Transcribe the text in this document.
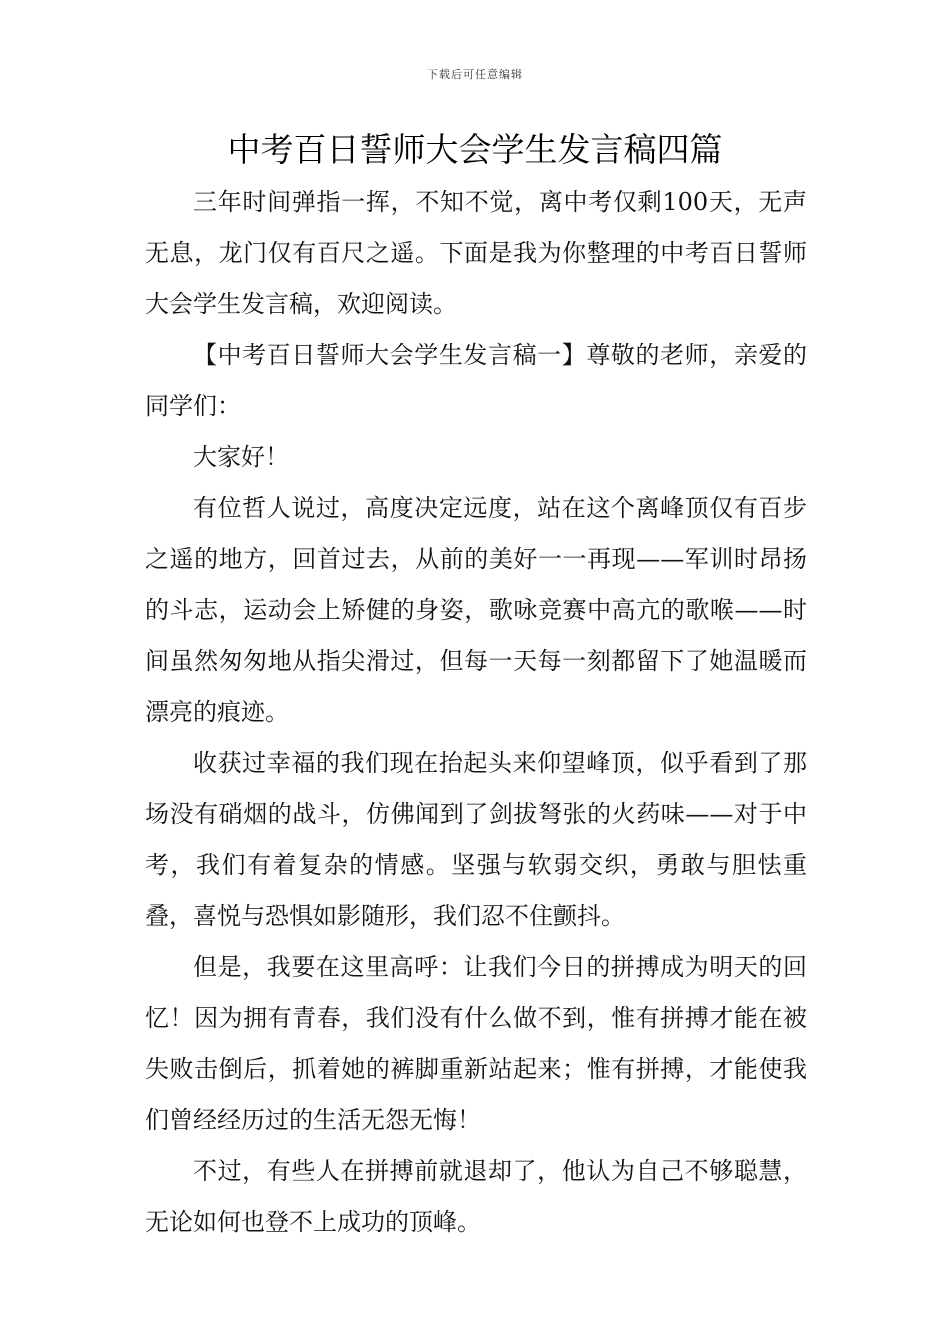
下载后可任意编辑
中考百日誓师大会学生发言稿四篇

三年时间弹指一挥，不知不觉，离中考仅剩100天，无声无息，龙门仅有百尺之遥。下面是我为你整理的中考百日誓师大会学生发言稿，欢迎阅读。

【中考百日誓师大会学生发言稿一】尊敬的老师，亲爱的同学们：

大家好！

有位哲人说过，高度决定远度，站在这个离峰顶仅有百步之遥的地方，回首过去，从前的美好一一再现——军训时昂扬的斗志，运动会上矫健的身姿，歌咏竞赛中高亢的歌喉——时间虽然匆匆地从指尖滑过，但每一天每一刻都留下了她温暖而漂亮的痕迹。

收获过幸福的我们现在抬起头来仰望峰顶，似乎看到了那场没有硝烟的战斗，仿佛闻到了剑拔弩张的火药味——对于中考，我们有着复杂的情感。坚强与软弱交织，勇敢与胆怯重叠，喜悦与恐惧如影随形，我们忍不住颤抖。

但是，我要在这里高呼：让我们今日的拼搏成为明天的回忆！因为拥有青春，我们没有什么做不到，惟有拼搏才能在被失败击倒后，抓着她的裤脚重新站起来；惟有拼搏，才能使我们曾经经历过的生活无怨无悔！

不过，有些人在拼搏前就退却了，他认为自己不够聪慧，无论如何也登不上成功的顶峰。
